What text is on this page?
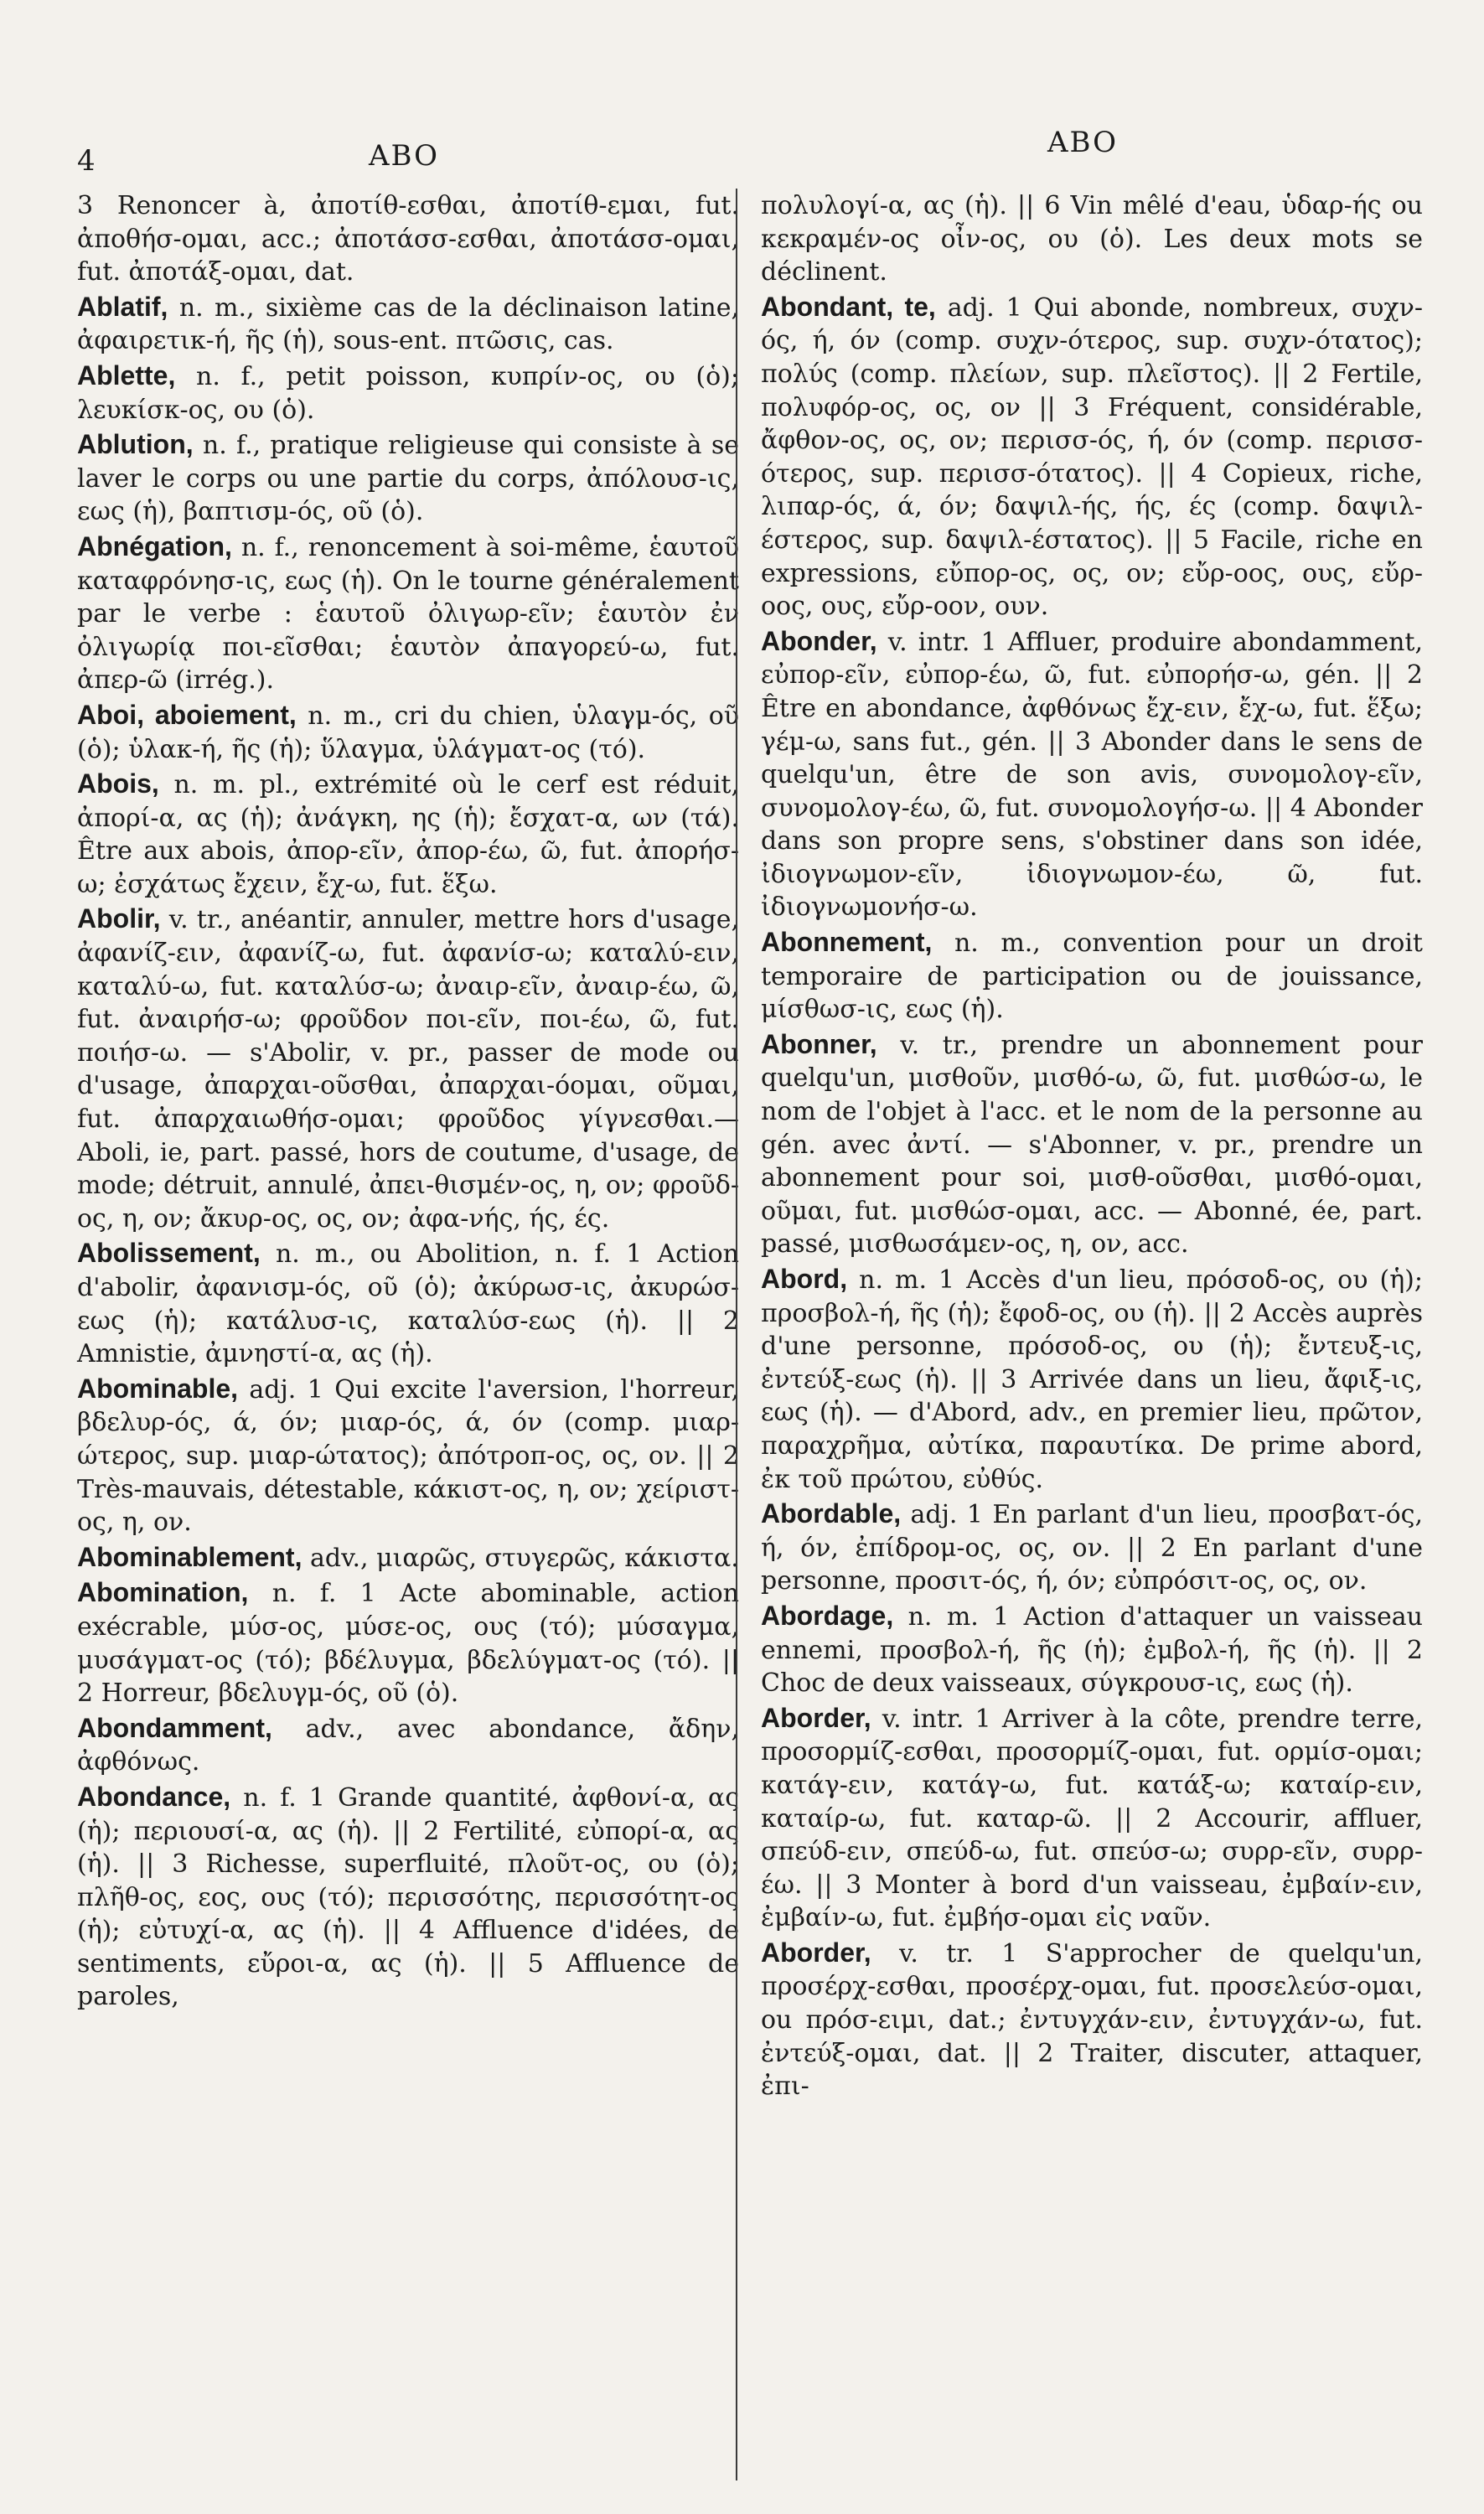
4	ABO	ABO

3 Renoncer à, ἀποτίθ-εσθαι, ἀποτίθ-εμαι, fut. ἀποθήσ-ομαι, acc.; ἀποτάσσ-εσθαι, ἀποτάσσ-ομαι, fut. ἀποτάξ-ομαι, dat.

Ablatif, n. m., sixième cas de la déclinaison latine, ἀφαιρετικ-ή, ῆς (ἡ), sous-ent. πτῶσις, cas.

Ablette, n. f., petit poisson, κυπρίν-ος, ου (ὁ); λευκίσκ-ος, ου (ὁ).

Ablution, n. f., pratique religieuse qui consiste à se laver le corps ou une partie du corps, ἀπόλουσ-ις, εως (ἡ), βαπτισμ-ός, οῦ (ὁ).

Abnégation, n. f., renoncement à soi-même, ἑαυτοῦ καταφρόνησ-ις, εως (ἡ). On le tourne généralement par le verbe : ἑαυτοῦ ὀλιγωρ-εῖν; ἑαυτὸν ἐν ὀλιγωρίᾳ ποι-εῖσθαι; ἑαυτὸν ἀπαγορεύ-ω, fut. ἀπερ-ῶ (irrég.).

Aboi, aboiement, n. m., cri du chien, ὑλαγμ-ός, οῦ (ὁ); ὑλακ-ή, ῆς (ἡ); ὕλαγμα, ὑλάγματ-ος (τό).

Abois, n. m. pl., extrémité où le cerf est réduit, ἀπορί-α, ας (ἡ); ἀνάγκη, ης (ἡ); ἔσχατ-α, ων (τά). Être aux abois, ἀπορ-εῖν, ἀπορ-έω, ῶ, fut. ἀπορήσ-ω; ἐσχάτως ἔχειν, ἔχ-ω, fut. ἕξω.

Abolir, v. tr., anéantir, annuler, mettre hors d'usage, ἀφανίζ-ειν, ἀφανίζ-ω, fut. ἀφανίσ-ω; καταλύ-ειν, καταλύ-ω, fut. καταλύσ-ω; ἀναιρ-εῖν, ἀναιρ-έω, ῶ, fut. ἀναιρήσ-ω; φροῦδον ποι-εῖν, ποι-έω, ῶ, fut. ποιήσ-ω. — s'Abolir, v. pr., passer de mode ou d'usage, ἀπαρχαι-οῦσθαι, ἀπαρχαι-όομαι, οῦμαι, fut. ἀπαρχαιωθήσ-ομαι; φροῦδος γίγνεσθαι.— Aboli, ie, part. passé, hors de coutume, d'usage, de mode; détruit, annulé, ἀπει-θισμέν-ος, η, ον; φροῦδ-ος, η, ον; ἄκυρ-ος, ος, ον; ἀφα-νής, ής, ές.

Abolissement, n. m., ou Abolition, n. f. 1 Action d'abolir, ἀφανισμ-ός, οῦ (ὁ); ἀκύρωσ-ις, ἀκυρώσ-εως (ἡ); κατάλυσ-ις, καταλύσ-εως (ἡ). || 2 Amnistie, ἀμνηστί-α, ας (ἡ).

Abominable, adj. 1 Qui excite l'aversion, l'horreur, βδελυρ-ός, ά, όν; μιαρ-ός, ά, όν (comp. μιαρ-ώτερος, sup. μιαρ-ώτατος); ἀπότροπ-ος, ος, ον. || 2 Très-mauvais, détestable, κάκιστ-ος, η, ον; χείριστ-ος, η, ον.

Abominablement, adv., μιαρῶς, στυγερῶς, κάκιστα.

Abomination, n. f. 1 Acte abominable, action exécrable, μύσ-ος, μύσε-ος, ους (τό); μύσαγμα, μυσάγματ-ος (τό); βδέλυγμα, βδελύγματ-ος (τό). || 2 Horreur, βδελυγμ-ός, οῦ (ὁ).

Abondamment, adv., avec abondance, ἄδην, ἀφθόνως.

Abondance, n. f. 1 Grande quantité, ἀφθονί-α, ας (ἡ); περιουσί-α, ας (ἡ). || 2 Fertilité, εὐπορί-α, ας (ἡ). || 3 Richesse, superfluité, πλοῦτ-ος, ου (ὁ); πλῆθ-ος, εος, ους (τό); περισσότης, περισσότητ-ος (ἡ); εὐτυχί-α, ας (ἡ). || 4 Affluence d'idées, de sentiments, εὔροι-α, ας (ἡ). || 5 Affluence de paroles,

πολυλογί-α, ας (ἡ). || 6 Vin mêlé d'eau, ὑδαρ-ής ou κεκραμέν-ος οἶν-ος, ου (ὁ). Les deux mots se déclinent.

Abondant, te, adj. 1 Qui abonde, nombreux, συχν-ός, ή, όν (comp. συχν-ότερος, sup. συχν-ότατος); πολύς (comp. πλείων, sup. πλεῖστος). || 2 Fertile, πολυφόρ-ος, ος, ον || 3 Fréquent, considérable, ἄφθον-ος, ος, ον; περισσ-ός, ή, όν (comp. περισσ-ότερος, sup. περισσ-ότατος). || 4 Copieux, riche, λιπαρ-ός, ά, όν; δαψιλ-ής, ής, ές (comp. δαψιλ-έστερος, sup. δαψιλ-έστατος). || 5 Facile, riche en expressions, εὔπορ-ος, ος, ον; εὔρ-οος, ους, εὔρ-οος, ους, εὔρ-οον, ουν.

Abonder, v. intr. 1 Affluer, produire abondamment, εὐπορ-εῖν, εὐπορ-έω, ῶ, fut. εὐπορήσ-ω, gén. || 2 Être en abondance, ἀφθόνως ἔχ-ειν, ἔχ-ω, fut. ἕξω; γέμ-ω, sans fut., gén. || 3 Abonder dans le sens de quelqu'un, être de son avis, συνομολογ-εῖν, συνομολογ-έω, ῶ, fut. συνομολογήσ-ω. || 4 Abonder dans son propre sens, s'obstiner dans son idée, ἰδιογνωμον-εῖν, ἰδιογνωμον-έω, ῶ, fut. ἰδιογνωμονήσ-ω.

Abonnement, n. m., convention pour un droit temporaire de participation ou de jouissance, μίσθωσ-ις, εως (ἡ).

Abonner, v. tr., prendre un abonnement pour quelqu'un, μισθοῦν, μισθό-ω, ῶ, fut. μισθώσ-ω, le nom de l'objet à l'acc. et le nom de la personne au gén. avec ἀντί. — s'Abonner, v. pr., prendre un abonnement pour soi, μισθ-οῦσθαι, μισθό-ομαι, οῦμαι, fut. μισθώσ-ομαι, acc. — Abonné, ée, part. passé, μισθωσάμεν-ος, η, ον, acc.

Abord, n. m. 1 Accès d'un lieu, πρόσοδ-ος, ου (ἡ); προσβολ-ή, ῆς (ἡ); ἔφοδ-ος, ου (ἡ). || 2 Accès auprès d'une personne, πρόσοδ-ος, ου (ἡ); ἔντευξ-ις, ἐντεύξ-εως (ἡ). || 3 Arrivée dans un lieu, ἄφιξ-ις, εως (ἡ). — d'Abord, adv., en premier lieu, πρῶτον, παραχρῆμα, αὐτίκα, παραυτίκα. De prime abord, ἐκ τοῦ πρώτου, εὐθύς.

Abordable, adj. 1 En parlant d'un lieu, προσβατ-ός, ή, όν, ἐπίδρομ-ος, ος, ον. || 2 En parlant d'une personne, προσιτ-ός, ή, όν; εὐπρόσιτ-ος, ος, ον.

Abordage, n. m. 1 Action d'attaquer un vaisseau ennemi, προσβολ-ή, ῆς (ἡ); ἐμβολ-ή, ῆς (ἡ). || 2 Choc de deux vaisseaux, σύγκρουσ-ις, εως (ἡ).

Aborder, v. intr. 1 Arriver à la côte, prendre terre, προσορμίζ-εσθαι, προσορμίζ-ομαι, fut. ορμίσ-ομαι; κατάγ-ειν, κατάγ-ω, fut. κατάξ-ω; καταίρ-ειν, καταίρ-ω, fut. καταρ-ῶ. || 2 Accourir, affluer, σπεύδ-ειν, σπεύδ-ω, fut. σπεύσ-ω; συρρ-εῖν, συρρ-έω. || 3 Monter à bord d'un vaisseau, ἐμβαίν-ειν, ἐμβαίν-ω, fut. ἐμβήσ-ομαι εἰς ναῦν.

Aborder, v. tr. 1 S'approcher de quelqu'un, προσέρχ-εσθαι, προσέρχ-ομαι, fut. προσελεύσ-ομαι, ou πρόσ-ειμι, dat.; ἐντυγχάν-ειν, ἐντυγχάν-ω, fut. ἐντεύξ-ομαι, dat. || 2 Traiter, discuter, attaquer, ἐπι-
